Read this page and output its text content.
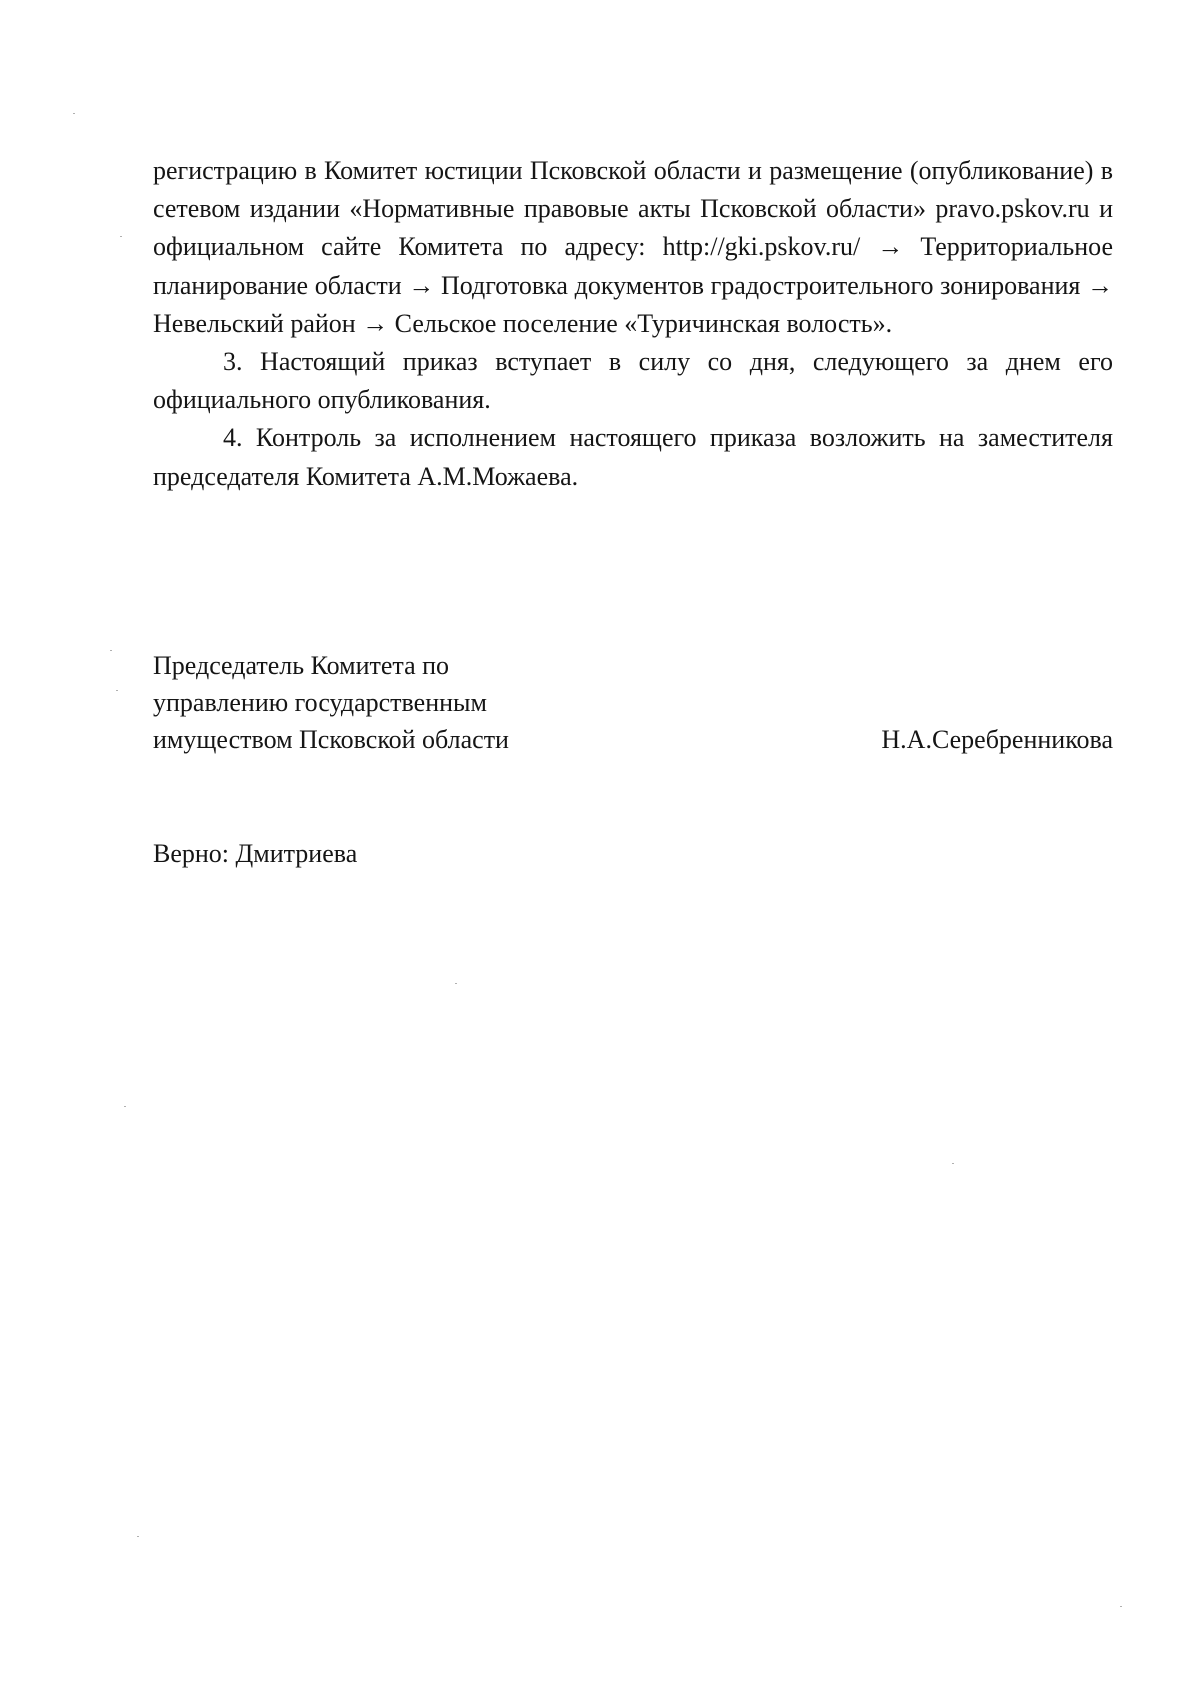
регистрацию в Комитет юстиции Псковской области и размещение (опубликование) в сетевом издании «Нормативные правовые акты Псковской области» pravo.pskov.ru и официальном сайте Комитета по адресу: http://gki.pskov.ru/ → Территориальное планирование области → Подготовка документов градостроительного зонирования → Невельский район → Сельское поселение «Туричинская волость».

3. Настоящий приказ вступает в силу со дня, следующего за днем его официального опубликования.

4. Контроль за исполнением настоящего приказа возложить на заместителя председателя Комитета А.М.Можаева.

Председатель Комитета по
управлению государственным
имуществом Псковской области	Н.А.Серебренникова
Верно: Дмитриева
